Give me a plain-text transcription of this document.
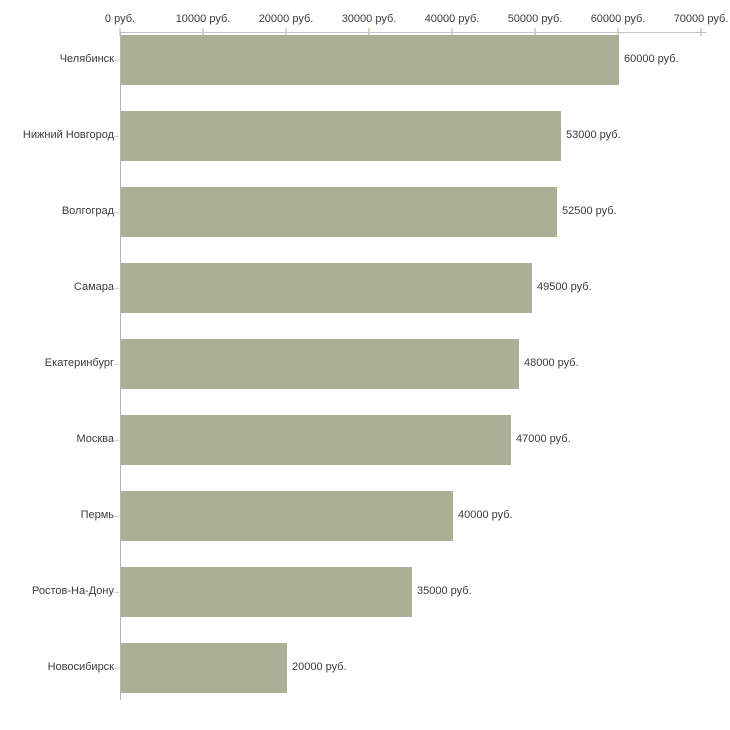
0 руб.	10000 руб.	20000 руб.	30000 руб.	40000 руб.	50000 руб.	60000 руб.	70000 руб.
Челябинск	60000 руб.
Нижний Новгород	53000 руб.
Волгоград	52500 руб.
Самара	49500 руб.
Екатеринбург	48000 руб.
Москва	47000 руб.
Пермь	40000 руб.
Ростов-На-Дону	35000 руб.
Новосибирск	20000 руб.
